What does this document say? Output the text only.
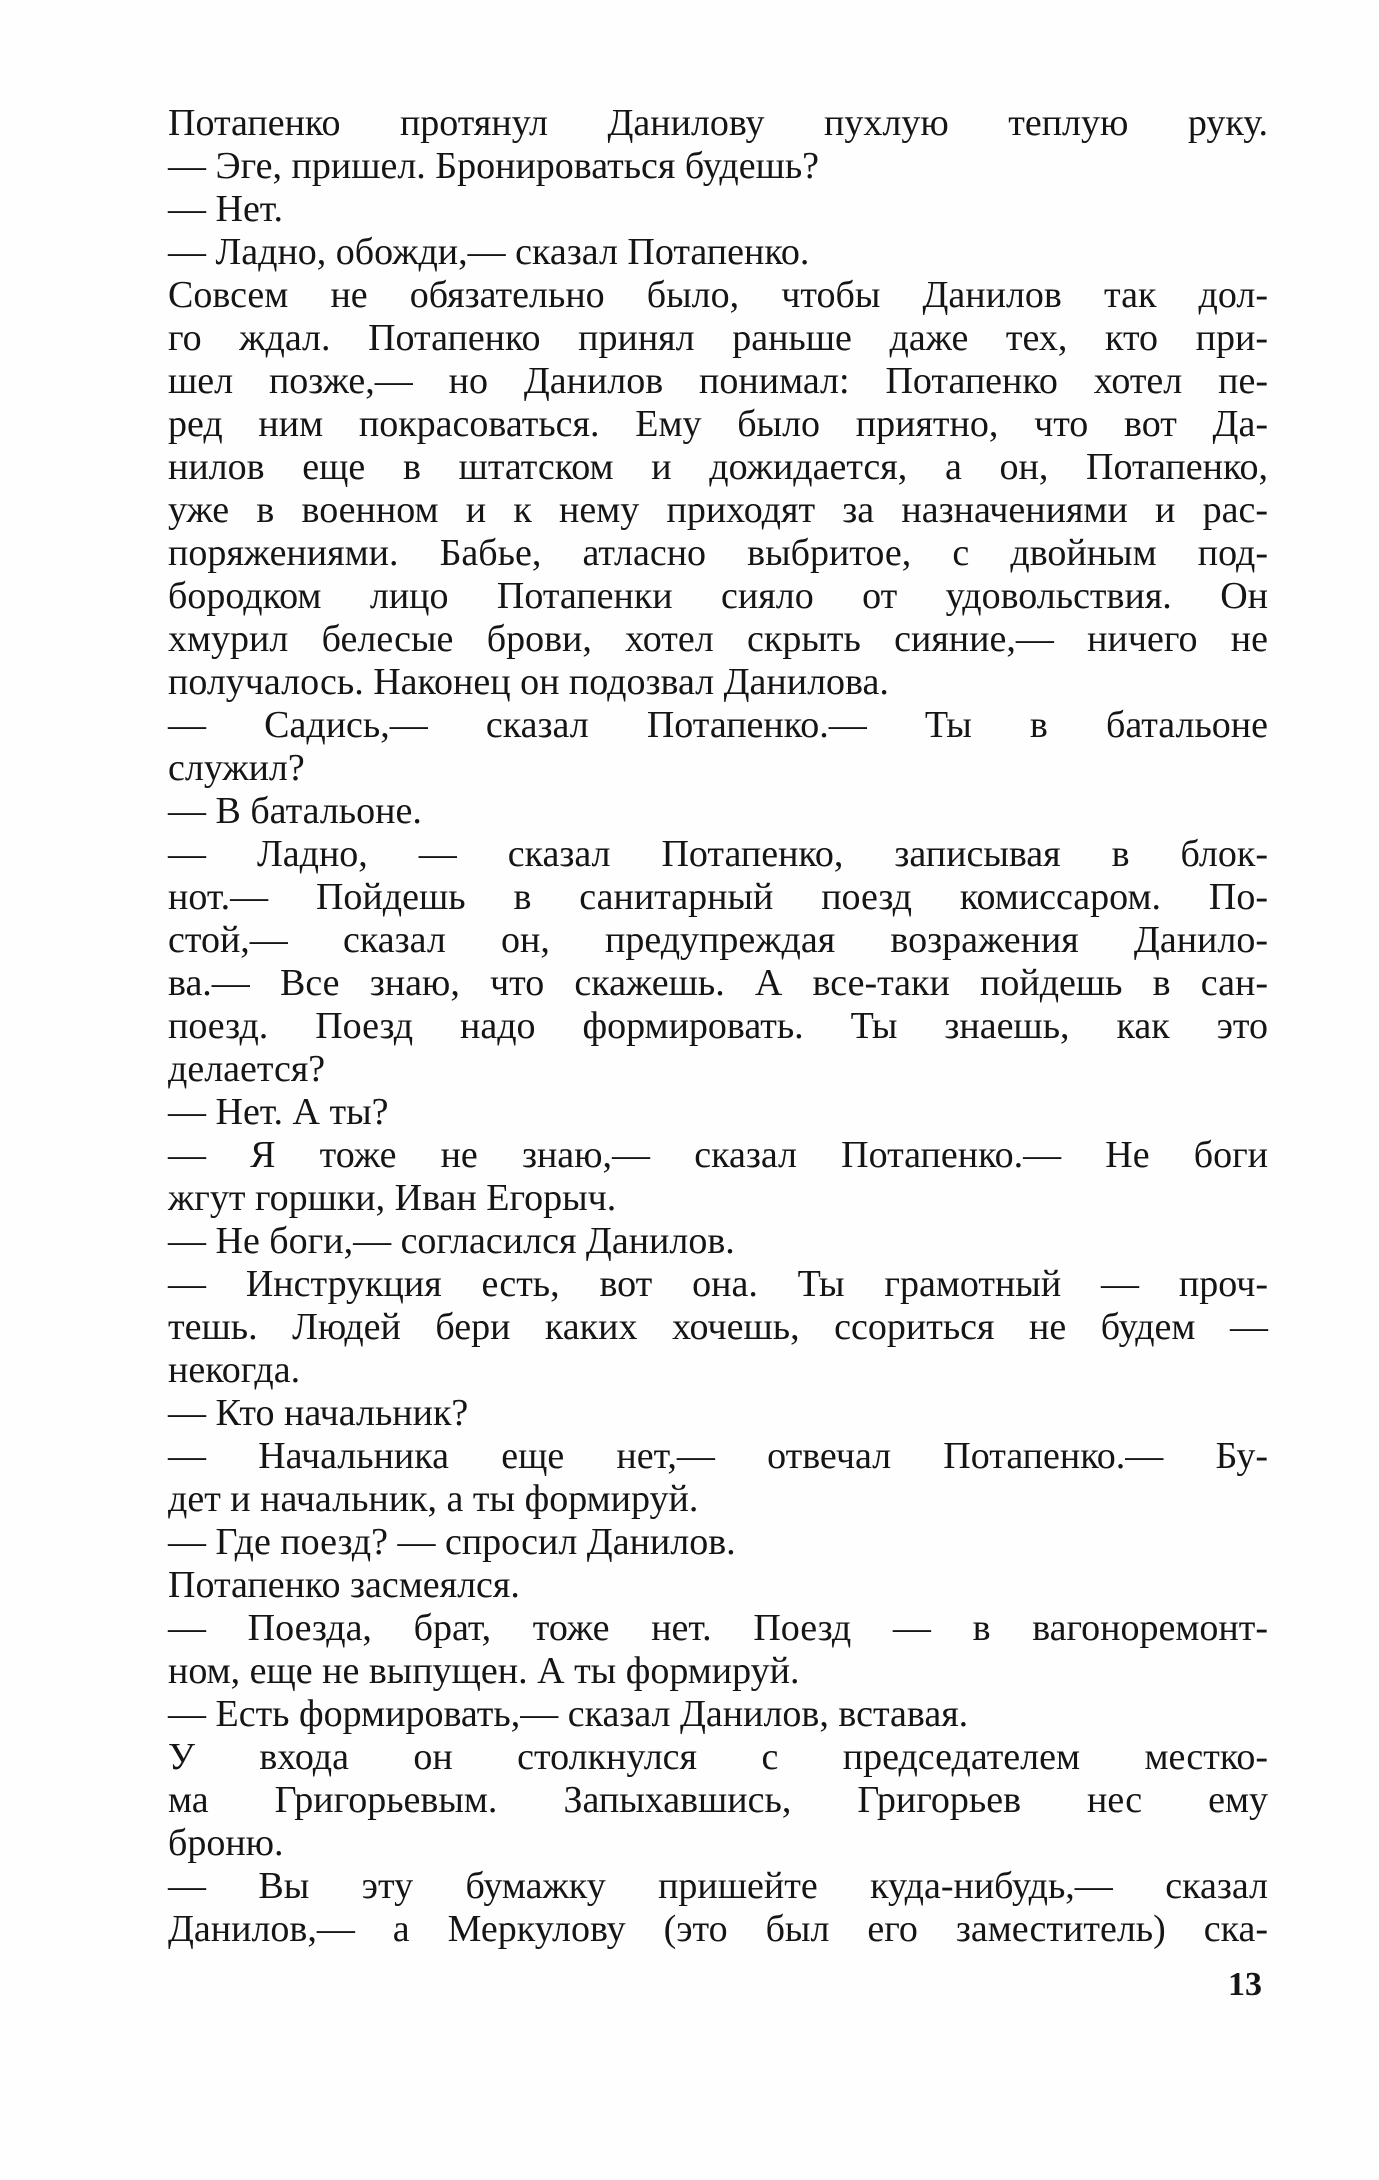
Потапенко протянул Данилову пухлую теплую руку.
— Эге, пришел. Бронироваться будешь?
— Нет.
— Ладно, обожди,— сказал Потапенко.
Совсем не обязательно было, чтобы Данилов так дол-
го ждал. Потапенко принял раньше даже тех, кто при-
шел позже,— но Данилов понимал: Потапенко хотел пе-
ред ним покрасоваться. Ему было приятно, что вот Да-
нилов еще в штатском и дожидается, а он, Потапенко,
уже в военном и к нему приходят за назначениями и рас-
поряжениями. Бабье, атласно выбритое, с двойным под-
бородком лицо Потапенки сияло от удовольствия. Он
хмурил белесые брови, хотел скрыть сияние,— ничего не
получалось. Наконец он подозвал Данилова.
— Садись,— сказал Потапенко.— Ты в батальоне
служил?
— В батальоне.
— Ладно, — сказал Потапенко, записывая в блок-
нот.— Пойдешь в санитарный поезд комиссаром. По-
стой,— сказал он, предупреждая возражения Данило-
ва.— Все знаю, что скажешь. А все-таки пойдешь в сан-
поезд. Поезд надо формировать. Ты знаешь, как это
делается?
— Нет. А ты?
— Я тоже не знаю,— сказал Потапенко.— Не боги
жгут горшки, Иван Егорыч.
— Не боги,— согласился Данилов.
— Инструкция есть, вот она. Ты грамотный — проч-
тешь. Людей бери каких хочешь, ссориться не будем —
некогда.
— Кто начальник?
— Начальника еще нет,— отвечал Потапенко.— Бу-
дет и начальник, а ты формируй.
— Где поезд? — спросил Данилов.
Потапенко засмеялся.
— Поезда, брат, тоже нет. Поезд — в вагоноремонт-
ном, еще не выпущен. А ты формируй.
— Есть формировать,— сказал Данилов, вставая.
У входа он столкнулся с председателем местко-
ма Григорьевым. Запыхавшись, Григорьев нес ему
броню.
— Вы эту бумажку пришейте куда-нибудь,— сказал
Данилов,— а Меркулову (это был его заместитель) ска-
13
